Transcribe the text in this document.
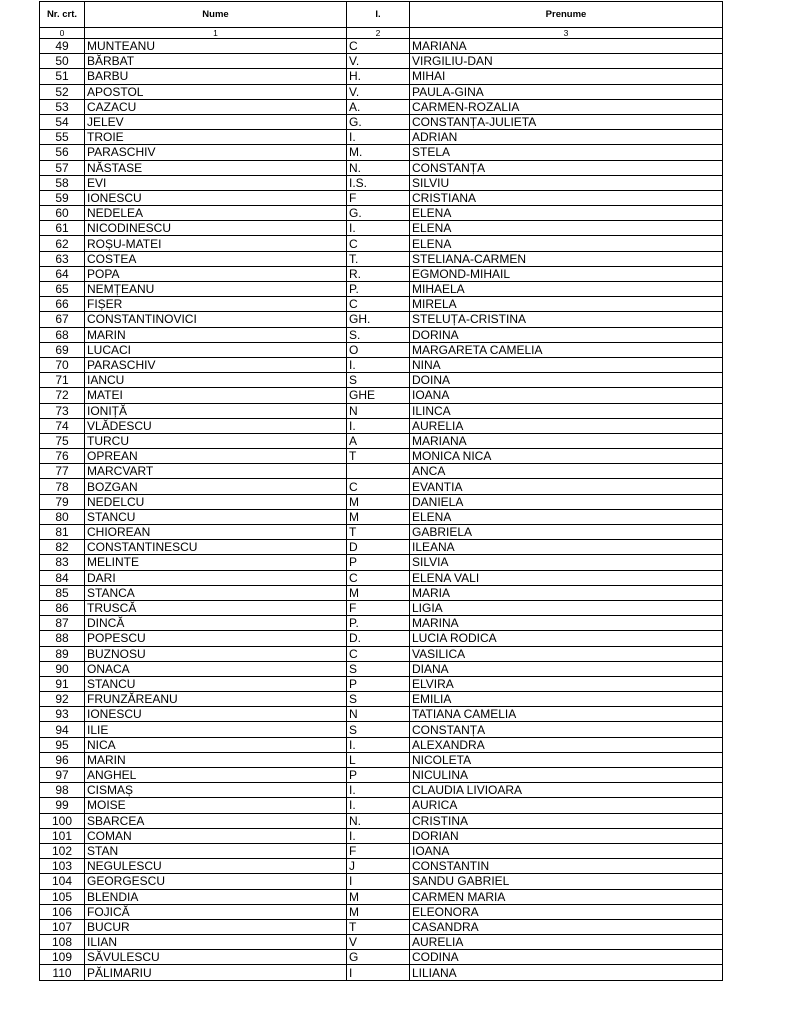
Nr. crt.	Nume	I.	Prenume
0	1	2	3
49	MUNTEANU	C	MARIANA
50	BĂRBAT	V.	VIRGILIU-DAN
51	BARBU	H.	MIHAI
52	APOSTOL	V.	PAULA-GINA
53	CAZACU	A.	CARMEN-ROZALIA
54	JELEV	G.	CONSTANȚA-JULIETA
55	TROIE	I.	ADRIAN
56	PARASCHIV	M.	STELA
57	NĂSTASE	N.	CONSTANȚA
58	EVI	I.S.	SILVIU
59	IONESCU	F	CRISTIANA
60	NEDELEA	G.	ELENA
61	NICODINESCU	I.	ELENA
62	ROȘU-MATEI	C	ELENA
63	COSTEA	T.	STELIANA-CARMEN
64	POPA	R.	EGMOND-MIHAIL
65	NEMȚEANU	P.	MIHAELA
66	FIȘER	C	MIRELA
67	CONSTANTINOVICI	GH.	STELUȚA-CRISTINA
68	MARIN	S.	DORINA
69	LUCACI	O	MARGARETA CAMELIA
70	PARASCHIV	I.	NINA
71	IANCU	S	DOINA
72	MATEI	GHE	IOANA
73	IONIȚĂ	N	ILINCA
74	VLĂDESCU	I.	AURELIA
75	TURCU	A	MARIANA
76	OPREAN	T	MONICA NICA
77	MARCVART		ANCA
78	BOZGAN	C	EVANTIA
79	NEDELCU	M	DANIELA
80	STANCU	M	ELENA
81	CHIOREAN	T	GABRIELA
82	CONSTANTINESCU	D	ILEANA
83	MELINTE	P	SILVIA
84	DARI	C	ELENA VALI
85	STANCA	M	MARIA
86	TRUSCĂ	F	LIGIA
87	DINCĂ	P.	MARINA
88	POPESCU	D.	LUCIA RODICA
89	BUZNOSU	C	VASILICA
90	ONACA	S	DIANA
91	STANCU	P	ELVIRA
92	FRUNZĂREANU	S	EMILIA
93	IONESCU	N	TATIANA CAMELIA
94	ILIE	S	CONSTANȚA
95	NICA	I.	ALEXANDRA
96	MARIN	L	NICOLETA
97	ANGHEL	P	NICULINA
98	CISMAȘ	I.	CLAUDIA LIVIOARA
99	MOISE	I.	AURICA
100	SBARCEA	N.	CRISTINA
101	COMAN	I.	DORIAN
102	STAN	F	IOANA
103	NEGULESCU	J	CONSTANTIN
104	GEORGESCU	I	SANDU GABRIEL
105	BLENDIA	M	CARMEN MARIA
106	FOJICĂ	M	ELEONORA
107	BUCUR	T	CASANDRA
108	ILIAN	V	AURELIA
109	SĂVULESCU	G	CODINA
110	PĂLIMARIU	I	LILIANA
